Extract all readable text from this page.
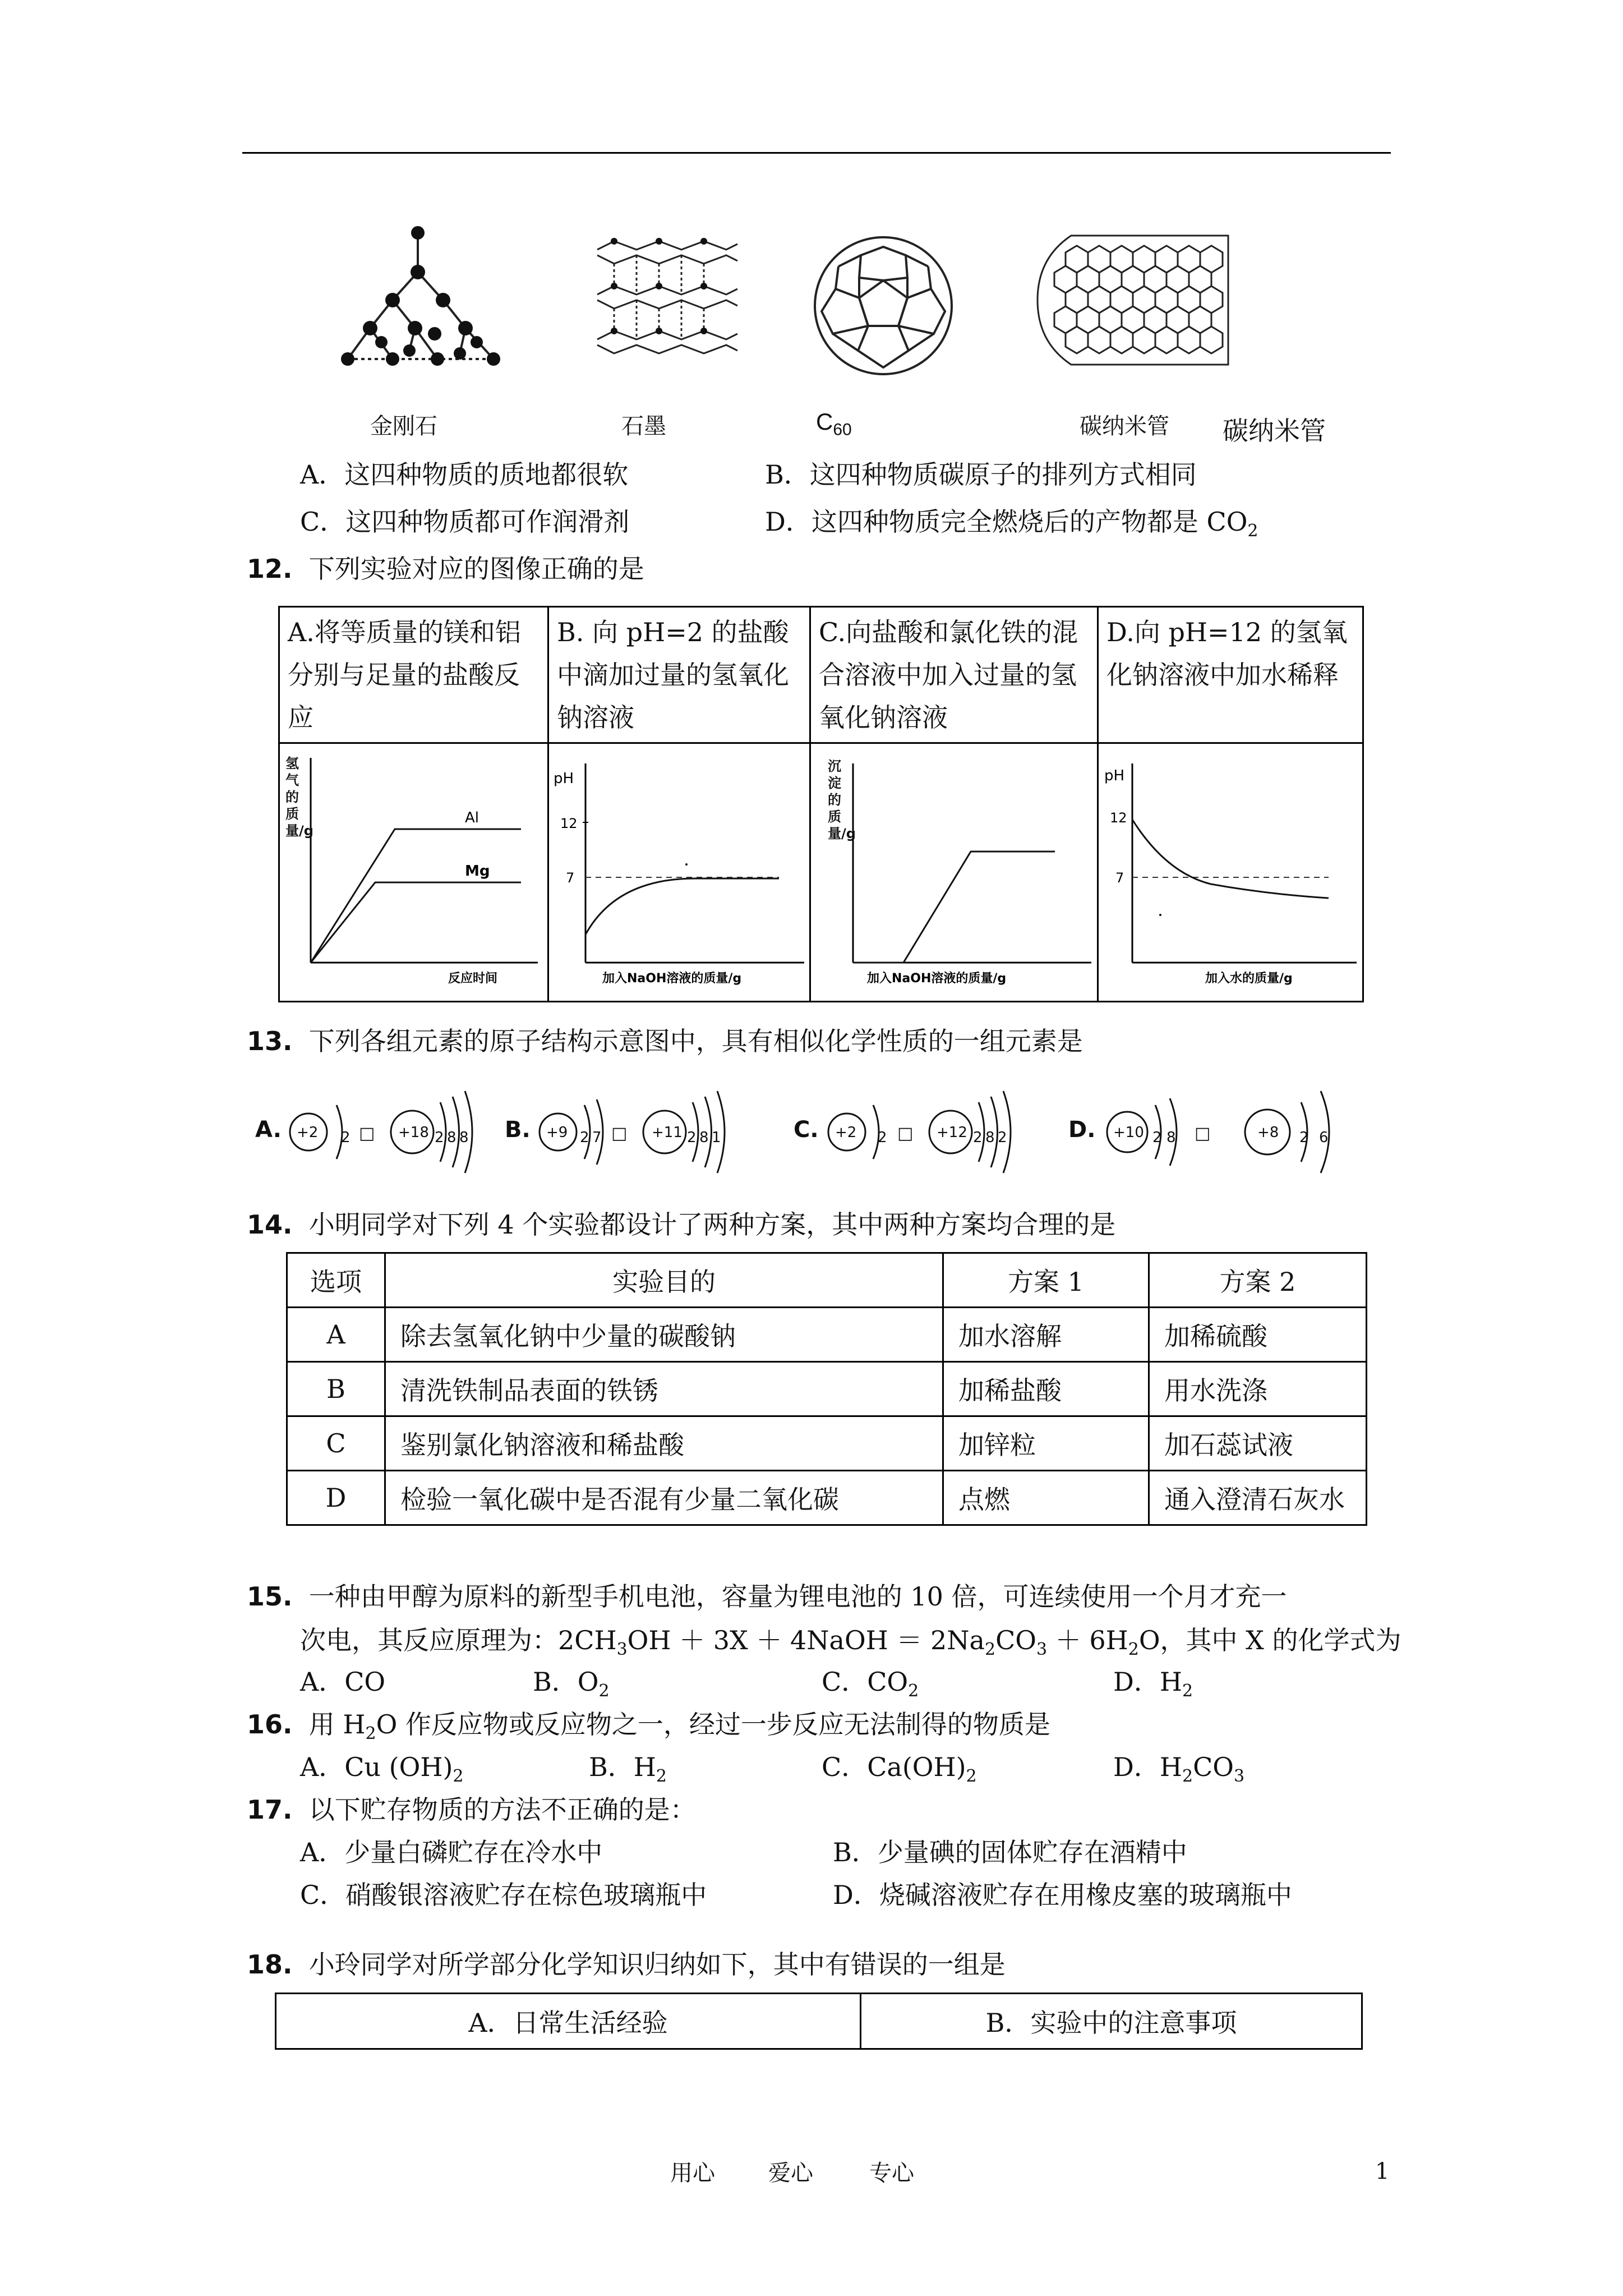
金刚石	石墨	$C_{60}$	碳纳米管 碳纳米管
A．这四种物质的质地都很软	B．这四种物质碳原子的排列方式相同
C．这四种物质都可作润滑剂	D．这四种物质完全燃烧后的产物都是 $CO_2$
12. 下列实验对应的图像正确的是
A.将等质量的镁和铝分别与足量的盐酸反应	B. 向 pH=2 的盐酸中滴加过量的氢氧化钠溶液	C.向盐酸和氯化铁的混合溶液中加入过量的氢氧化钠溶液	D.向 pH=12 的氢氧化钠溶液中加水稀释

Al
Mg
反应时间
氢气的质量/g	pH
12
7
加入NaOH溶液的质量/g	加入NaOH溶液的质量/g
沉淀的质量/g	pH
12
7
加入水的质量/g
13. 下列各组元素的原子结构示意图中，具有相似化学性质的一组元素是
A. +2 2 □ +18 2 8 8 B. +9 2 7 □ +11 2 8 1	C. +2 2 □ +12 2 8 2	D. +10 2 8 □	+8 2 6
14. 小明同学对下列 4 个实验都设计了两种方案，其中两种方案均合理的是
选项	实验目的	方案 1	方案 2
A	除去氢氧化钠中少量的碳酸钠	加水溶解	加稀硫酸
B	清洗铁制品表面的铁锈	加稀盐酸	用水洗涤
C	鉴别氯化钠溶液和稀盐酸	加锌粒	加石蕊试液
D	检验一氧化碳中是否混有少量二氧化碳	点燃	通入澄清石灰水
15. 一种由甲醇为原料的新型手机电池，容量为锂电池的 10 倍，可连续使用一个月才充一
次电，其反应原理为：$2CH_3OH + 3X$ ＋ 4NaOH ＝ $2Na_2CO_3 + 6H_2O$，其中 X 的化学式为
A．CO	B．$O_2$	C．$CO_2$	D．$H_2$
16. 用 $H_2O$ 作反应物或反应物之一，经过一步反应无法制得的物质是
A．Cu $(OH)_2$	B．$H_2$	C．$Ca(OH)_2$	D．$H_2CO_3$
17. 以下贮存物质的方法不正确的是：
A．少量白磷贮存在冷水中	B．少量碘的固体贮存在酒精中
C．硝酸银溶液贮存在棕色玻璃瓶中	D．烧碱溶液贮存在用橡皮塞的玻璃瓶中
18. 小玲同学对所学部分化学知识归纳如下，其中有错误的一组是
A．日常生活经验	B．实验中的注意事项
用心 爱心	专心	1
